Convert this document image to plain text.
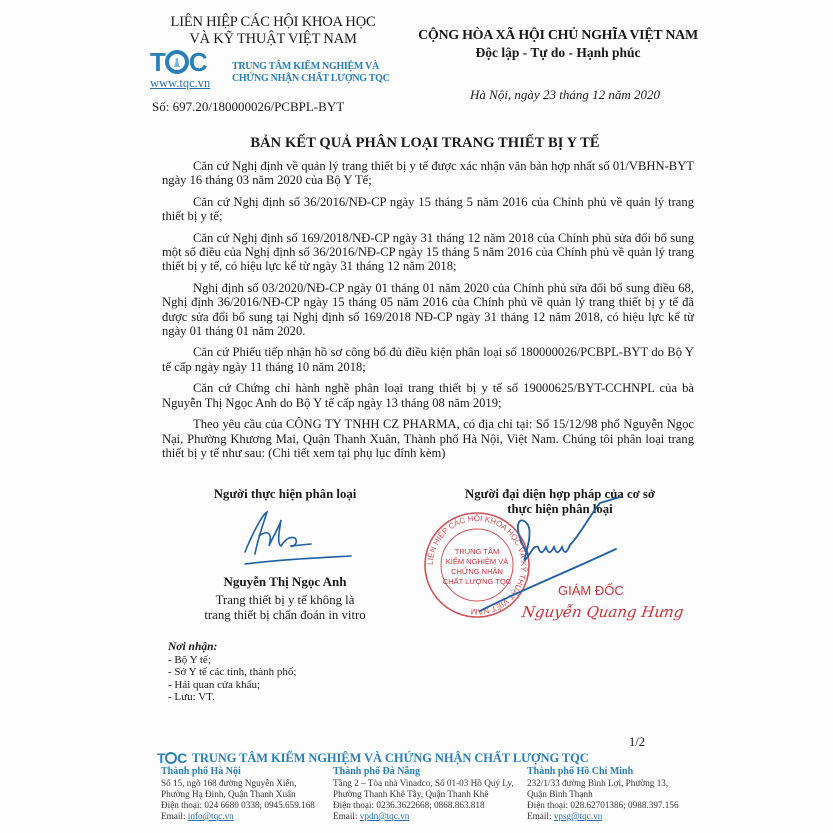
LIÊN HIỆP CÁC HỘI KHOA HỌC
VÀ KỸ THUẬT VIỆT NAM
T C
www.tqc.vn
TRUNG TÂM KIỂM NGHIỆM VÀ
CHỨNG NHẬN CHẤT LƯỢNG TQC
Số: 697.20/180000026/PCBPL-BYT
CỘNG HÒA XÃ HỘI CHỦ NGHĨA VIỆT NAM
Độc lập - Tự do - Hạnh phúc
Hà Nội, ngày 23 tháng 12 năm 2020
BẢN KẾT QUẢ PHÂN LOẠI TRANG THIẾT BỊ Y TẾ

Căn cứ Nghị định về quản lý trang thiết bị y tế được xác nhận văn bản hợp nhất số 01/VBHN-BYT ngày 16 tháng 03 năm 2020 của Bộ Y Tế;

Căn cứ Nghị định số 36/2016/NĐ-CP ngày 15 tháng 5 năm 2016 của Chính phủ về quản lý trang thiết bị y tế;

Căn cứ Nghị định số 169/2018/NĐ-CP ngày 31 tháng 12 năm 2018 của Chính phủ sửa đổi bổ sung một số điều của Nghị định số 36/2016/NĐ-CP ngày 15 tháng 5 năm 2016 của Chính phủ về quản lý trang thiết bị y tế, có hiệu lực kể từ ngày 31 tháng 12 năm 2018;

Nghị định số 03/2020/NĐ-CP ngày 01 tháng 01 năm 2020 của Chính phủ sửa đổi bổ sung điều 68, Nghị định 36/2016/NĐ-CP ngày 15 tháng 05 năm 2016 của Chính phủ về quản lý trang thiết bị y tế đã được sửa đổi bổ sung tại Nghị định số 169/2018 NĐ-CP ngày 31 tháng 12 năm 2018, có hiệu lực kể từ ngày 01 tháng 01 năm 2020.

Căn cứ Phiếu tiếp nhận hồ sơ công bố đủ điều kiện phân loại số 180000026/PCBPL-BYT do Bộ Y tế cấp ngày ngày 11 tháng 10 năm 2018;

Căn cứ Chứng chỉ hành nghề phân loại trang thiết bị y tế số 19000625/BYT-CCHNPL của bà Nguyễn Thị Ngọc Anh do Bộ Y tế cấp ngày 13 tháng 08 năm 2019;

Theo yêu cầu của CÔNG TY TNHH CZ PHARMA, có địa chỉ tại: Số 15/12/98 phố Nguyễn Ngọc Nại, Phường Khương Mai, Quận Thanh Xuân, Thành phố Hà Nội, Việt Nam. Chúng tôi phân loại trang thiết bị y tế như sau: (Chi tiết xem tại phụ lục đính kèm)

Người thực hiện phân loại
Nguyễn Thị Ngọc Anh
Trang thiết bị y tế không là
trang thiết bị chẩn đoán in vitro
Người đại diện hợp pháp của cơ sở
thực hiện phân loại
LIÊN HIỆP CÁC HỘI KHOA HỌC VÀ KỸ THUẬT VIỆT NAM
TRUNG TÂM
KIỂM NGHIỆM VÀ
CHỨNG NHẬN
CHẤT LƯỢNG TQC
GIÁM ĐỐC
Nguyễn Quang Hưng
Nơi nhận:
- Bộ Y tế;
- Sở Y tế các tỉnh, thành phố;
- Hải quan cửa khẩu;
- Lưu: VT.
1/2
T C TRUNG TÂM KIỂM NGHIỆM VÀ CHỨNG NHẬN CHẤT LƯỢNG TQC
Thành phố Hà Nội
Số 15, ngõ 168 đường Nguyễn Xiển,
Phường Hạ Đình, Quận Thanh Xuân
Điện thoại: 024 6680 0338; 0945.659.168
Email: info@tqc.vn
Thành phố Đà Nẵng
Tầng 2 – Tòa nhà Vinadco, Số 01-03 Hồ Quý Ly,
Phường Thanh Khê Tây, Quận Thanh Khê
Điện thoại: 0236.3622668; 0868.863.818
Email: vpdn@tqc.vn
Thành phố Hồ Chí Minh
232/1/33 đường Bình Lợi, Phường 13,
Quận Bình Thạnh
Điện thoại: 028.62701386; 0988.397.156
Email: vpsg@tqc.vn
